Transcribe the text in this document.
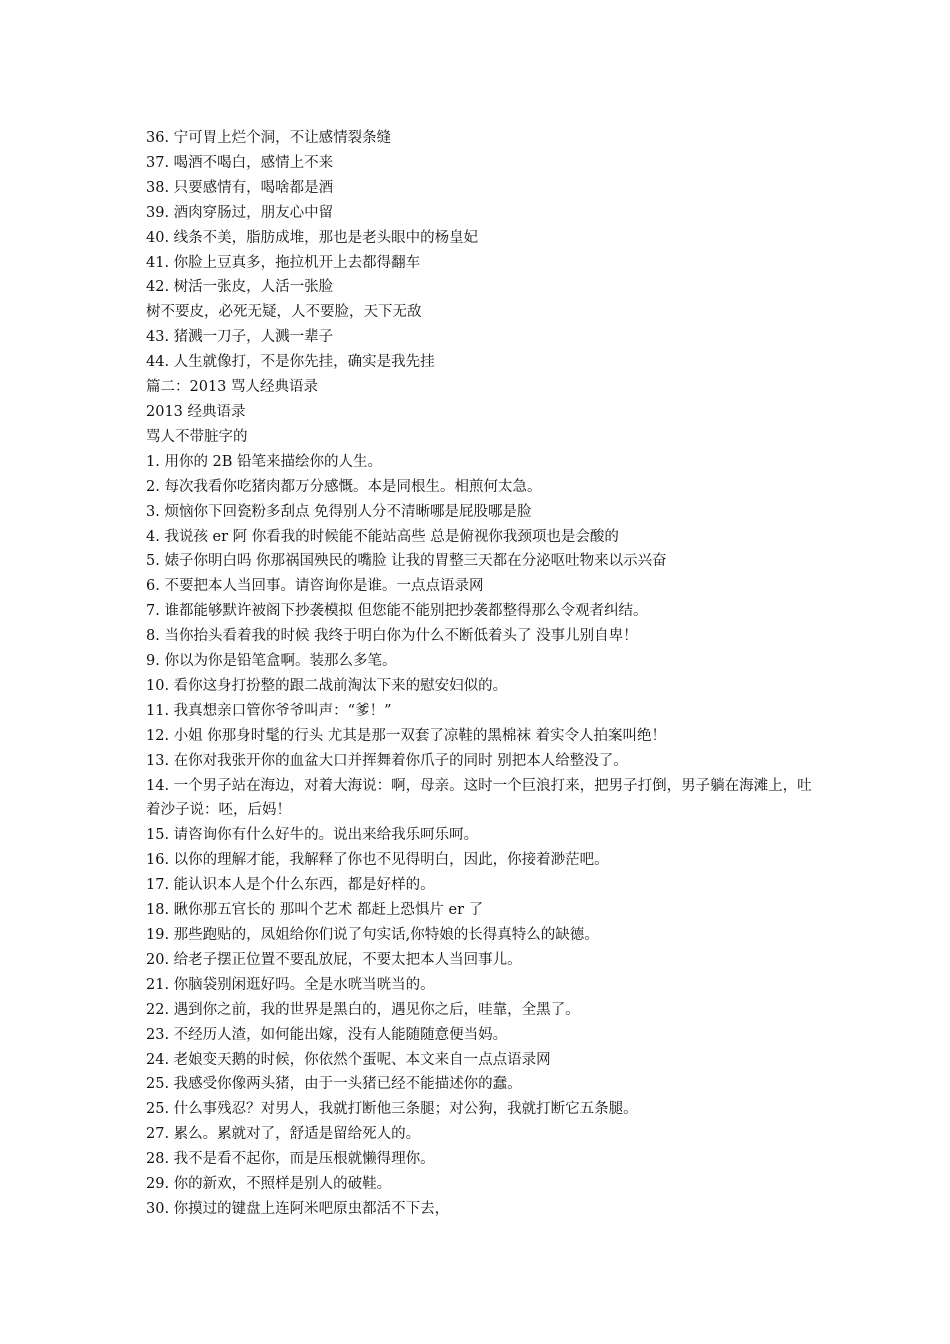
36. 宁可胃上烂个洞，不让感情裂条缝
37. 喝酒不喝白，感情上不来
38. 只要感情有，喝啥都是酒
39. 酒肉穿肠过，朋友心中留
40. 线条不美，脂肪成堆，那也是老头眼中的杨皇妃
41. 你脸上豆真多，拖拉机开上去都得翻车
42. 树活一张皮，人活一张脸
树不要皮，必死无疑，人不要脸，天下无敌
43. 猪溅一刀子，人溅一辈子
44. 人生就像打，不是你先挂，确实是我先挂
篇二：2013 骂人经典语录
2013 经典语录
骂人不带脏字的
1. 用你的 2B 铅笔来描绘你的人生。
2. 每次我看你吃猪肉都万分感慨。本是同根生。相煎何太急。
3. 烦恼你下回瓷粉多刮点 免得别人分不清晰哪是屁股哪是脸
4. 我说孩 er 阿 你看我的时候能不能站高些 总是俯视你我颈项也是会酸的
5. 婊子你明白吗 你那祸国殃民的嘴脸 让我的胃整三天都在分泌呕吐物来以示兴奋
6. 不要把本人当回事。请咨询你是谁。一点点语录网
7. 谁都能够默许被阁下抄袭模拟 但您能不能别把抄袭都整得那么令观者纠结。
8. 当你抬头看着我的时候 我终于明白你为什么不断低着头了 没事儿别自卑！
9. 你以为你是铅笔盒啊。装那么多笔。
10. 看你这身打扮整的跟二战前淘汰下来的慰安妇似的。
11. 我真想亲口管你爷爷叫声：“爹！”
12. 小姐 你那身时髦的行头 尤其是那一双套了凉鞋的黑棉袜 着实令人拍案叫绝！
13. 在你对我张开你的血盆大口并挥舞着你爪子的同时 别把本人给整没了。
14. 一个男子站在海边，对着大海说：啊，母亲。这时一个巨浪打来，把男子打倒，男子躺在海滩上，吐着沙子说：呸，后妈！
15. 请咨询你有什么好牛的。说出来给我乐呵乐呵。
16. 以你的理解才能，我解释了你也不见得明白，因此，你接着渺茫吧。
17. 能认识本人是个什么东西，都是好样的。
18. 瞅你那五官长的 那叫个艺术 都赶上恐惧片 er 了
19. 那些跑贴的，凤姐给你们说了句实话,你特娘的长得真特么的缺德。
20. 给老子摆正位置不要乱放屁，不要太把本人当回事儿。
21. 你脑袋别闲逛好吗。全是水咣当咣当的。
22. 遇到你之前，我的世界是黑白的，遇见你之后，哇靠，全黑了。
23. 不经历人渣，如何能出嫁，没有人能随随意便当妈。
24. 老娘变天鹅的时候，你依然个蛋呢、本文来自一点点语录网
25. 我感受你像两头猪，由于一头猪已经不能描述你的蠢。
25. 什么事残忍？对男人，我就打断他三条腿；对公狗，我就打断它五条腿。
27. 累么。累就对了，舒适是留给死人的。
28. 我不是看不起你，而是压根就懒得理你。
29. 你的新欢，不照样是别人的破鞋。
30. 你摸过的键盘上连阿米吧原虫都活不下去，
